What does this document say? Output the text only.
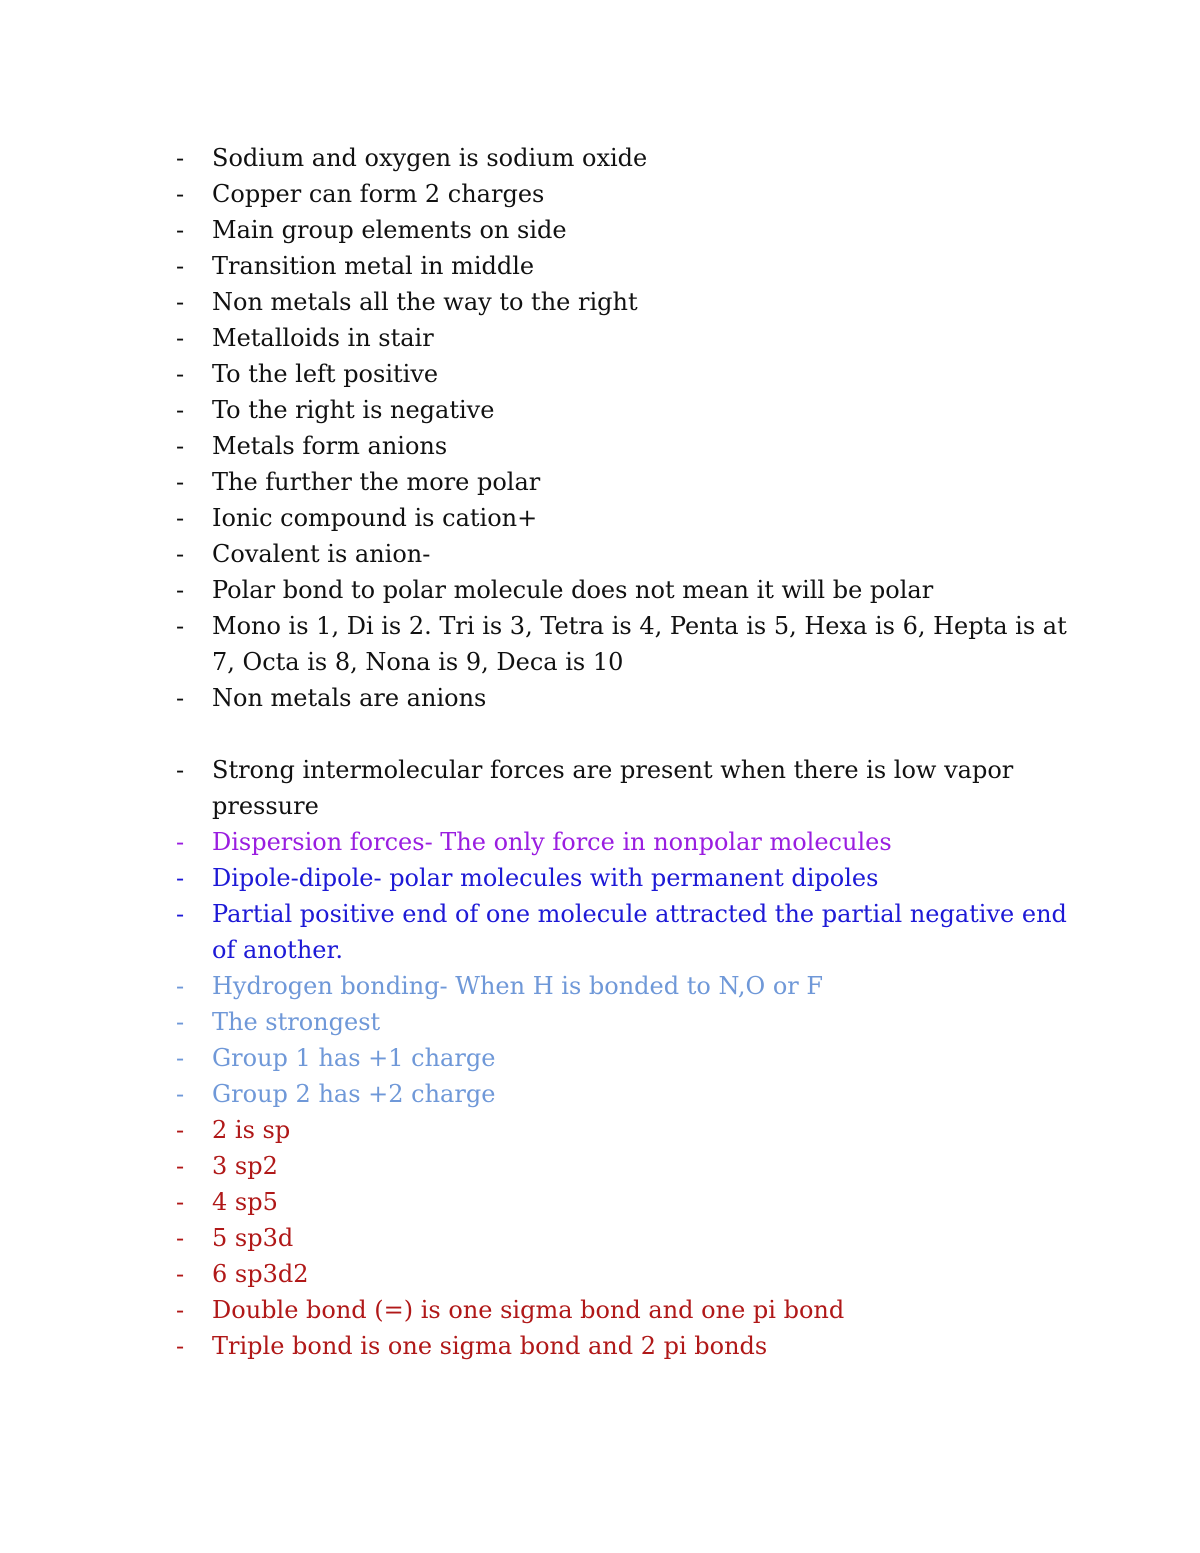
-	Sodium and oxygen is sodium oxide
-	Copper can form 2 charges
-	Main group elements on side
-	Transition metal in middle
-	Non metals all the way to the right
-	Metalloids in stair
-	To the left positive
-	To the right is negative
-	Metals form anions
-	The further the more polar
-	Ionic compound is cation+
-	Covalent is anion-
-	Polar bond to polar molecule does not mean it will be polar
-	Mono is 1, Di is 2. Tri is 3, Tetra is 4, Penta is 5, Hexa is 6, Hepta is at 7, Octa is 8, Nona is 9, Deca is 10
-	Non metals are anions
-	Strong intermolecular forces are present when there is low vapor pressure
-	Dispersion forces- The only force in nonpolar molecules
-	Dipole-dipole- polar molecules with permanent dipoles
-	Partial positive end of one molecule attracted the partial negative end of another.
-	Hydrogen bonding- When H is bonded to N,O or F
-	The strongest
-	Group 1 has +1 charge
-	Group 2 has +2 charge
-	2 is sp
-	3 sp2
-	4 sp5
-	5 sp3d
-	6 sp3d2
-	Double bond (=) is one sigma bond and one pi bond
-	Triple bond is one sigma bond and 2 pi bonds
